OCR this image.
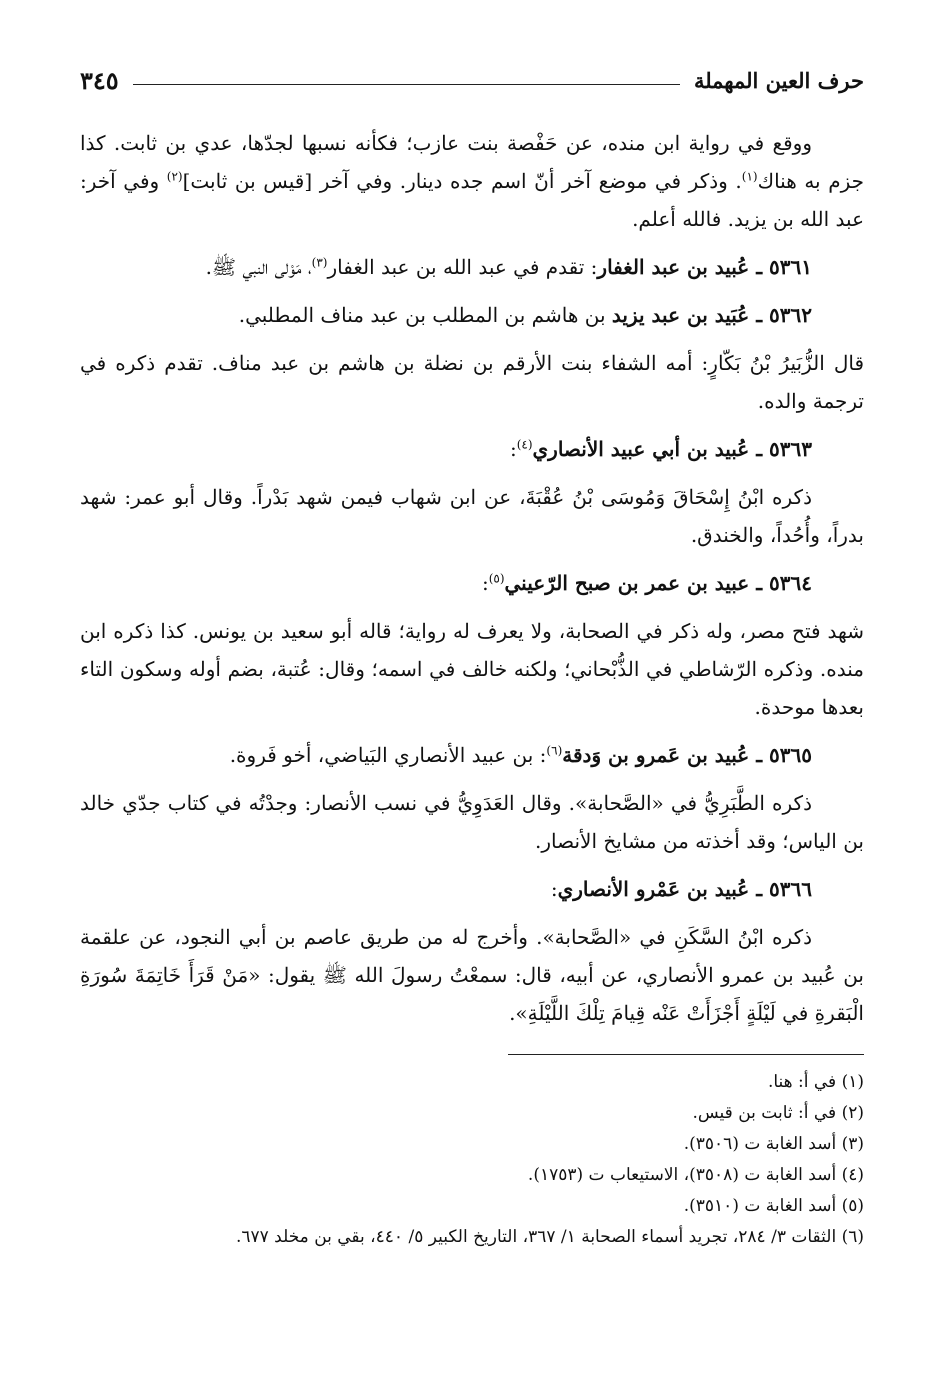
حرف العين المهملة
٣٤٥

ووقع في رواية ابن منده، عن حَفْصة بنت عازب؛ فكأنه نسبها لجدّها، عدي بن ثابت. كذا جزم به هناك$^{(١)}$. وذكر في موضع آخر أنّ اسم جده دينار. وفي آخر [قيس بن ثابت]$^{(٢)}$ وفي آخر: عبد الله بن يزيد. فالله أعلم.

٥٣٦١ ـ عُبيد بن عبد الغفار: تقدم في عبد الله بن عبد الغفار$^{(٣)}$، مَوْلى النبي ﷺ.

٥٣٦٢ ـ عُبَيد بن عبد يزيد بن هاشم بن المطلب بن عبد مناف المطلبي.

قال الزُّبَيرُ بْنُ بَكّارٍ: أمه الشفاء بنت الأرقم بن نضلة بن هاشم بن عبد مناف. تقدم ذكره في ترجمة والده.

٥٣٦٣ ـ عُبيد بن أبي عبيد الأنصاري$^{(٤)}$:

ذكره ابْنُ إِسْحَاقَ وَمُوسَى بْنُ عُقْبَةَ، عن ابن شهاب فيمن شهد بَدْراً. وقال أبو عمر: شهد بدراً، وأُحُداً، والخندق.

٥٣٦٤ ـ عبيد بن عمر بن صبح الرّعيني$^{(٥)}$:

شهد فتح مصر، وله ذكر في الصحابة، ولا يعرف له رواية؛ قاله أبو سعيد بن يونس. كذا ذكره ابن منده. وذكره الرّشاطي في الذُّبْحاني؛ ولكنه خالف في اسمه؛ وقال: عُتبة، بضم أوله وسكون التاء بعدها موحدة.

٥٣٦٥ ـ عُبيد بن عَمرو بن وَدقة$^{(٦)}$: بن عبيد الأنصاري البَياضي، أخو فَروة.

ذكره الطَّبَرِيُّ في «الصَّحابة». وقال العَدَوِيُّ في نسب الأنصار: وجدْتُه في كتاب جدّي خالد بن الياس؛ وقد أخذته من مشايخ الأنصار.

٥٣٦٦ ـ عُبيد بن عَمْرو الأنصاري:

ذكره ابْنُ السَّكَنِ في «الصَّحابة». وأخرج له من طريق عاصم بن أبي النجود، عن علقمة بن عُبيد بن عمرو الأنصاري، عن أبيه، قال: سمعْتُ رسولَ الله ﷺ يقول: «مَنْ قَرَأَ خَاتِمَةَ سُورَةِ الْبَقرةِ في لَيْلَةٍ أَجْزَأَتْ عَنْه قِيامَ تِلْكَ اللَّيْلَةِ».

(١) في أ: هنا.
(٢) في أ: ثابت بن قيس.
(٣) أسد الغابة ت (٣٥٠٦).
(٤) أسد الغابة ت (٣٥٠٨)، الاستيعاب ت (١٧٥٣).
(٥) أسد الغابة ت (٣٥١٠).
(٦) الثقات ٣/ ٢٨٤، تجريد أسماء الصحابة ١/ ٣٦٧، التاريخ الكبير ٥/ ٤٤٠، بقي بن مخلد ٦٧٧.
